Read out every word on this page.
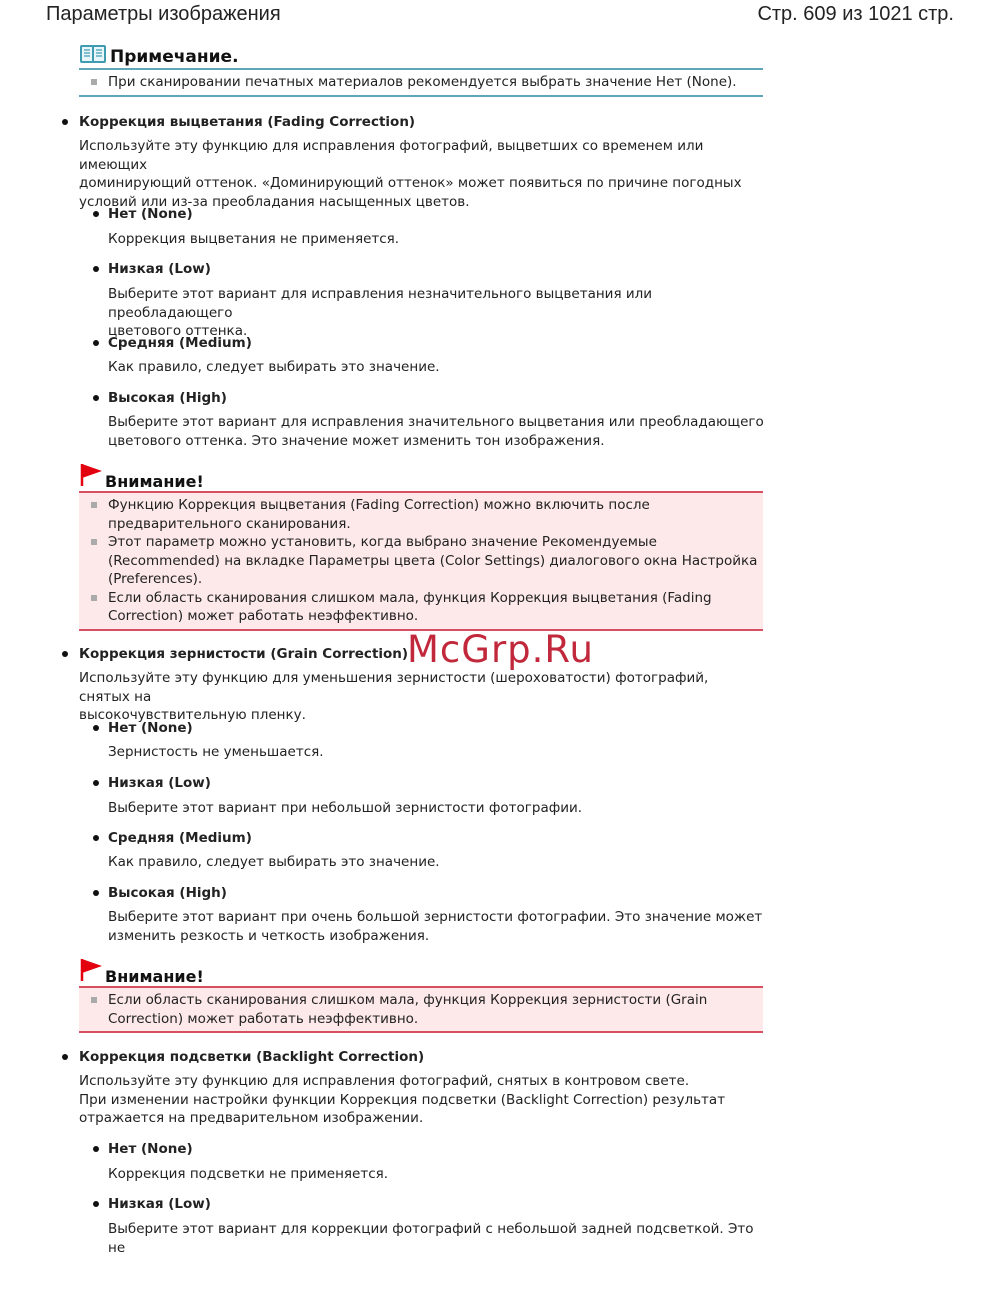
Параметры изображения	Стр. 609 из 1021 стр.
Примечание.
При сканировании печатных материалов рекомендуется выбрать значение Нет (None).
Коррекция выцветания (Fading Correction)
Используйте эту функцию для исправления фотографий, выцветших со временем или имеющих
доминирующий оттенок. «Доминирующий оттенок» может появиться по причине погодных
условий или из-за преобладания насыщенных цветов.
Нет (None)
Коррекция выцветания не применяется.
Низкая (Low)
Выберите этот вариант для исправления незначительного выцветания или преобладающего
цветового оттенка.
Средняя (Medium)
Как правило, следует выбирать это значение.
Высокая (High)
Выберите этот вариант для исправления значительного выцветания или преобладающего
цветового оттенка. Это значение может изменить тон изображения.
Внимание!
Функцию Коррекция выцветания (Fading Correction) можно включить после
предварительного сканирования.
Этот параметр можно установить, когда выбрано значение Рекомендуемые
(Recommended) на вкладке Параметры цвета (Color Settings) диалогового окна Настройка
(Preferences).
Если область сканирования слишком мала, функция Коррекция выцветания (Fading
Correction) может работать неэффективно.
Коррекция зернистости (Grain Correction)
Используйте эту функцию для уменьшения зернистости (шероховатости) фотографий, снятых на
высокочувствительную пленку.
Нет (None)
Зернистость не уменьшается.
Низкая (Low)
Выберите этот вариант при небольшой зернистости фотографии.
Средняя (Medium)
Как правило, следует выбирать это значение.
Высокая (High)
Выберите этот вариант при очень большой зернистости фотографии. Это значение может
изменить резкость и четкость изображения.
Внимание!
Если область сканирования слишком мала, функция Коррекция зернистости (Grain
Correction) может работать неэффективно.
Коррекция подсветки (Backlight Correction)
Используйте эту функцию для исправления фотографий, снятых в контровом свете.
При изменении настройки функции Коррекция подсветки (Backlight Correction) результат
отражается на предварительном изображении.
Нет (None)
Коррекция подсветки не применяется.
Низкая (Low)
Выберите этот вариант для коррекции фотографий с небольшой задней подсветкой. Это не
McGrp.Ru
